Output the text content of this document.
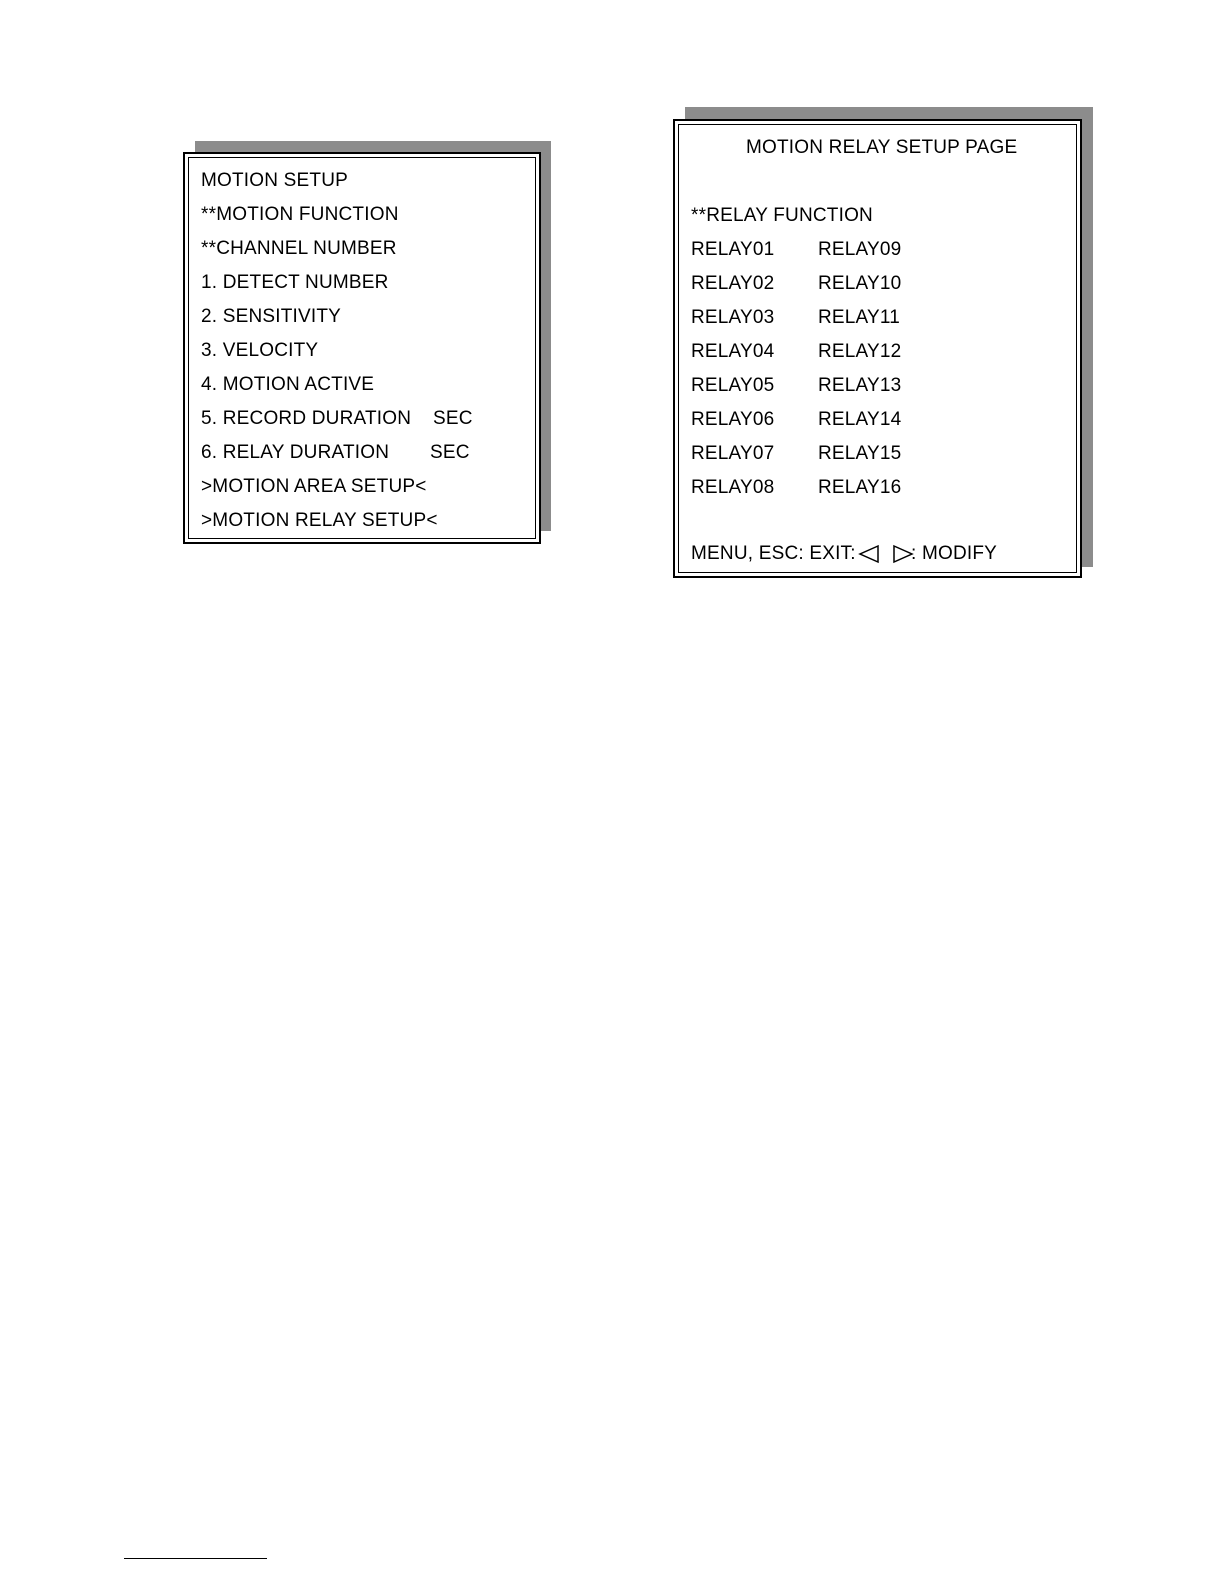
MOTION SETUP
**MOTION FUNCTION
**CHANNEL NUMBER
1. DETECT NUMBER
2. SENSITIVITY
3. VELOCITY
4. MOTION ACTIVE
5. RECORD DURATION SEC
6. RELAY DURATION SEC
>MOTION AREA SETUP<
>MOTION RELAY SETUP<
MOTION RELAY SETUP PAGE
**RELAY FUNCTION
RELAY01 RELAY09
RELAY02 RELAY10
RELAY03 RELAY11
RELAY04 RELAY12
RELAY05 RELAY13
RELAY06 RELAY14
RELAY07 RELAY15
RELAY08 RELAY16
MENU, ESC: EXIT:	: MODIFY
